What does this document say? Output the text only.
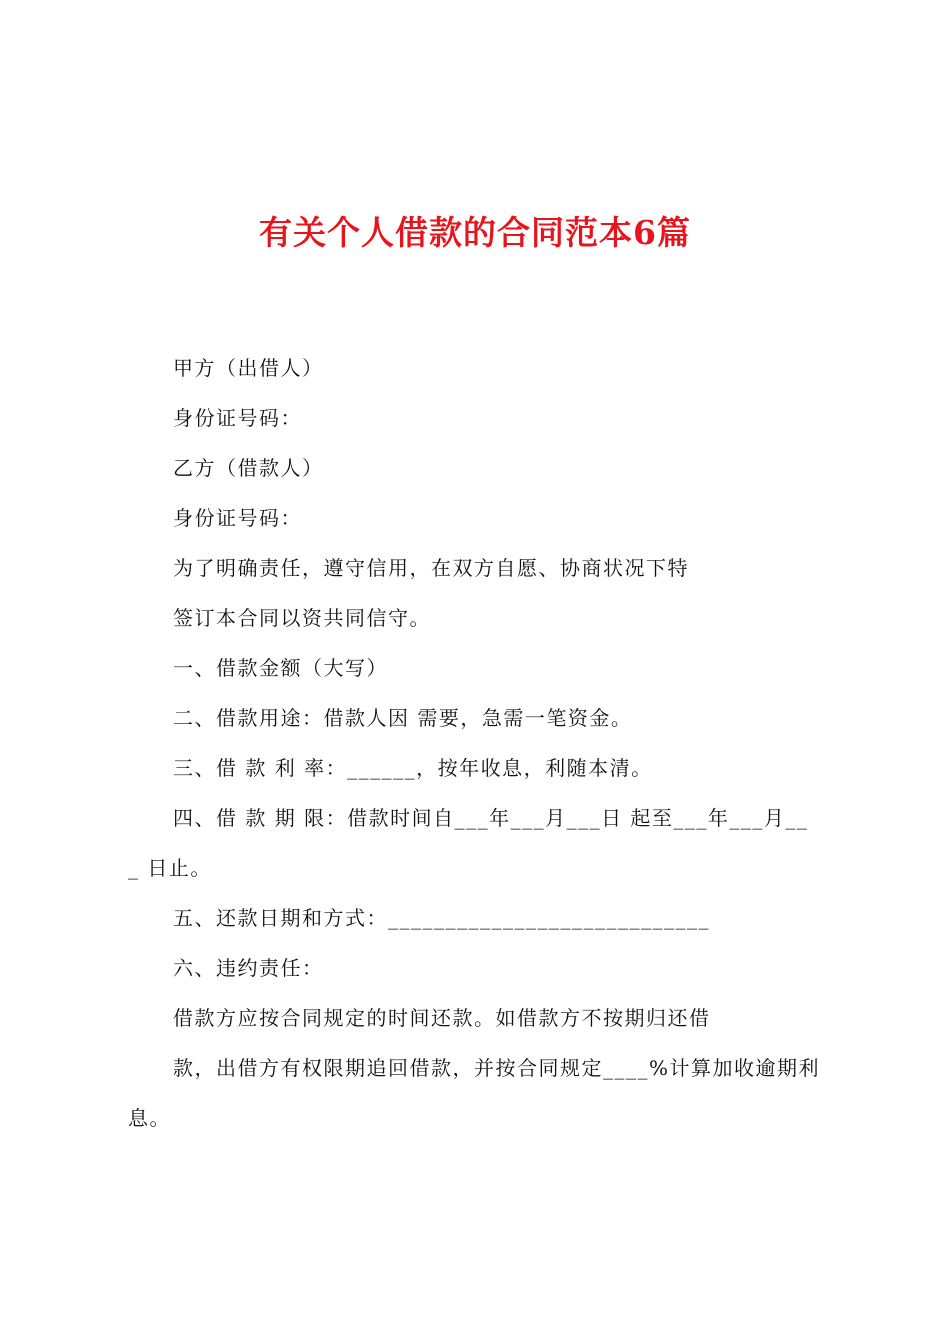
有关个人借款的合同范本6篇
甲方（出借人）
身份证号码：
乙方（借款人）
身份证号码：
为了明确责任，遵守信用，在双方自愿、协商状况下特
签订本合同以资共同信守。
一、借款金额（大写）
二、借款用途：借款人因 需要，急需一笔资金。
三、借 款 利 率：______，按年收息，利随本清。
四、借 款 期 限：借款时间自___年___月___日 起至___年___月__
_ 日止。
五、还款日期和方式：____________________________
六、违约责任：
借款方应按合同规定的时间还款。如借款方不按期归还借
款，出借方有权限期追回借款，并按合同规定____%计算加收逾期利
息。
